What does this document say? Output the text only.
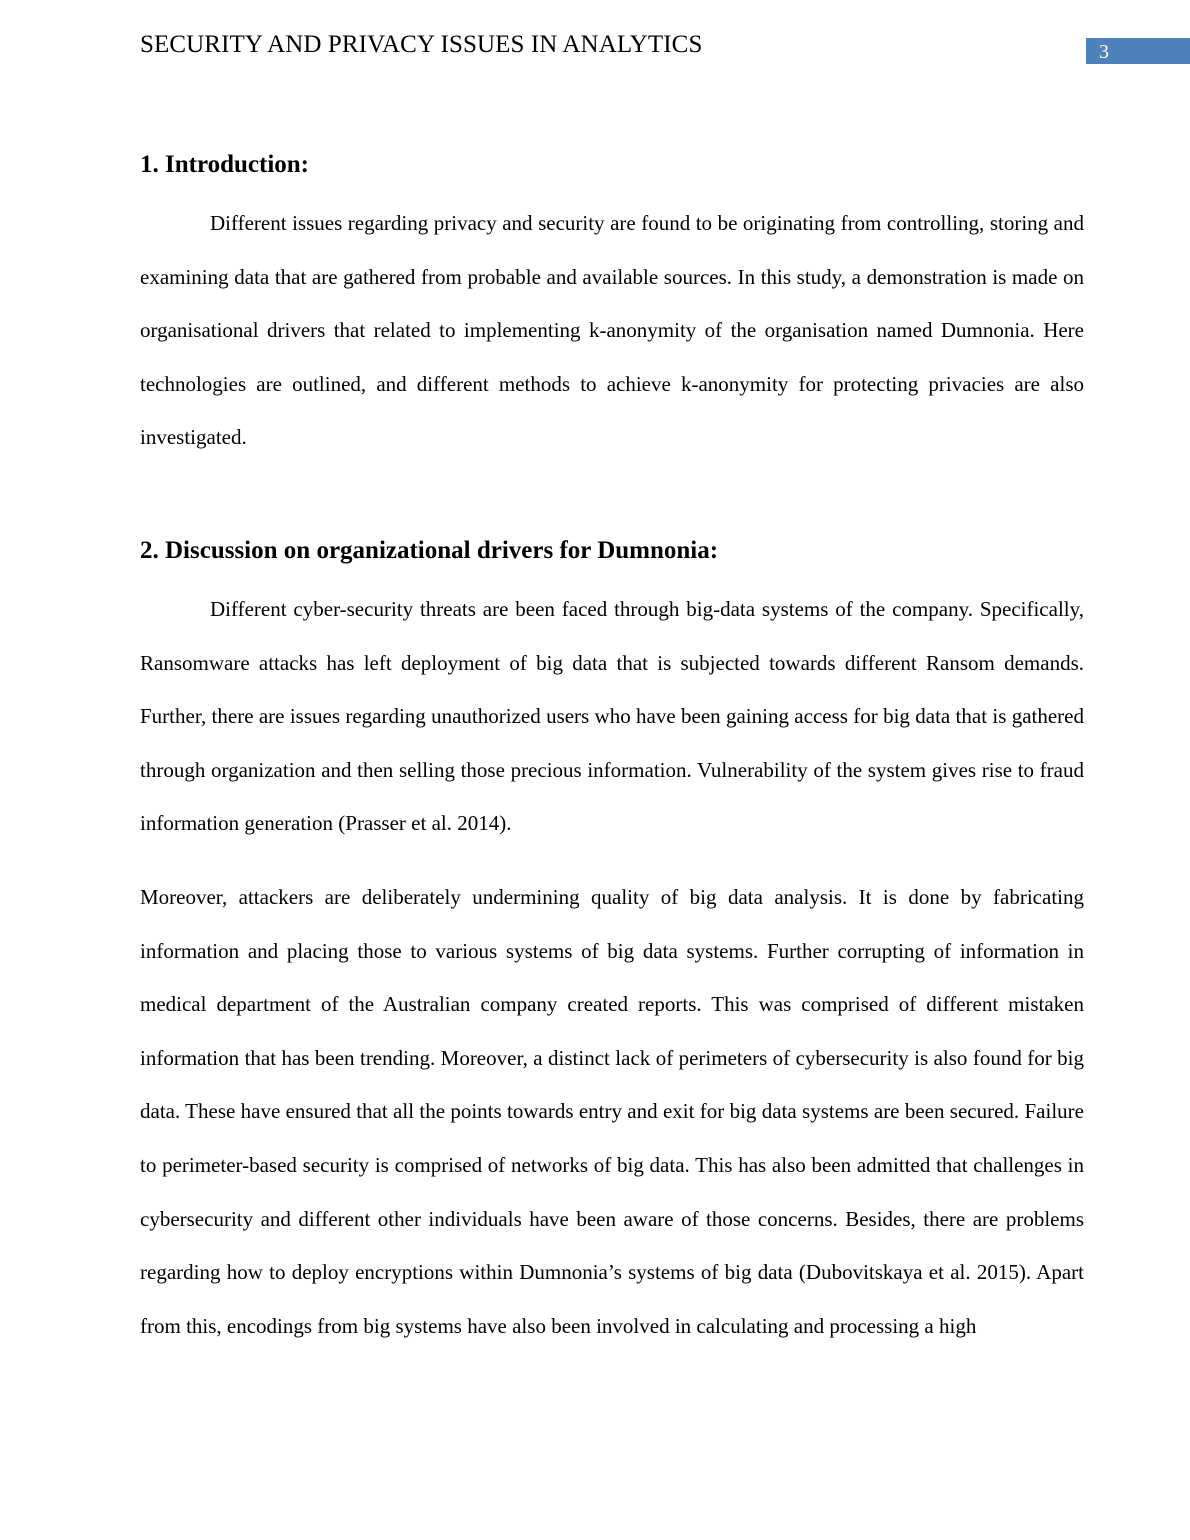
SECURITY AND PRIVACY ISSUES IN ANALYTICS	3
1. Introduction:

Different issues regarding privacy and security are found to be originating from controlling, storing and examining data that are gathered from probable and available sources. In this study, a demonstration is made on organisational drivers that related to implementing k-anonymity of the organisation named Dumnonia. Here technologies are outlined, and different methods to achieve k-anonymity for protecting privacies are also investigated.

2. Discussion on organizational drivers for Dumnonia:

Different cyber-security threats are been faced through big-data systems of the company. Specifically, Ransomware attacks has left deployment of big data that is subjected towards different Ransom demands. Further, there are issues regarding unauthorized users who have been gaining access for big data that is gathered through organization and then selling those precious information. Vulnerability of the system gives rise to fraud information generation (Prasser et al. 2014).

Moreover, attackers are deliberately undermining quality of big data analysis. It is done by fabricating information and placing those to various systems of big data systems. Further corrupting of information in medical department of the Australian company created reports. This was comprised of different mistaken information that has been trending. Moreover, a distinct lack of perimeters of cybersecurity is also found for big data. These have ensured that all the points towards entry and exit for big data systems are been secured. Failure to perimeter-based security is comprised of networks of big data. This has also been admitted that challenges in cybersecurity and different other individuals have been aware of those concerns. Besides, there are problems regarding how to deploy encryptions within Dumnonia’s systems of big data (Dubovitskaya et al. 2015). Apart from this, encodings from big systems have also been involved in calculating and processing a high
